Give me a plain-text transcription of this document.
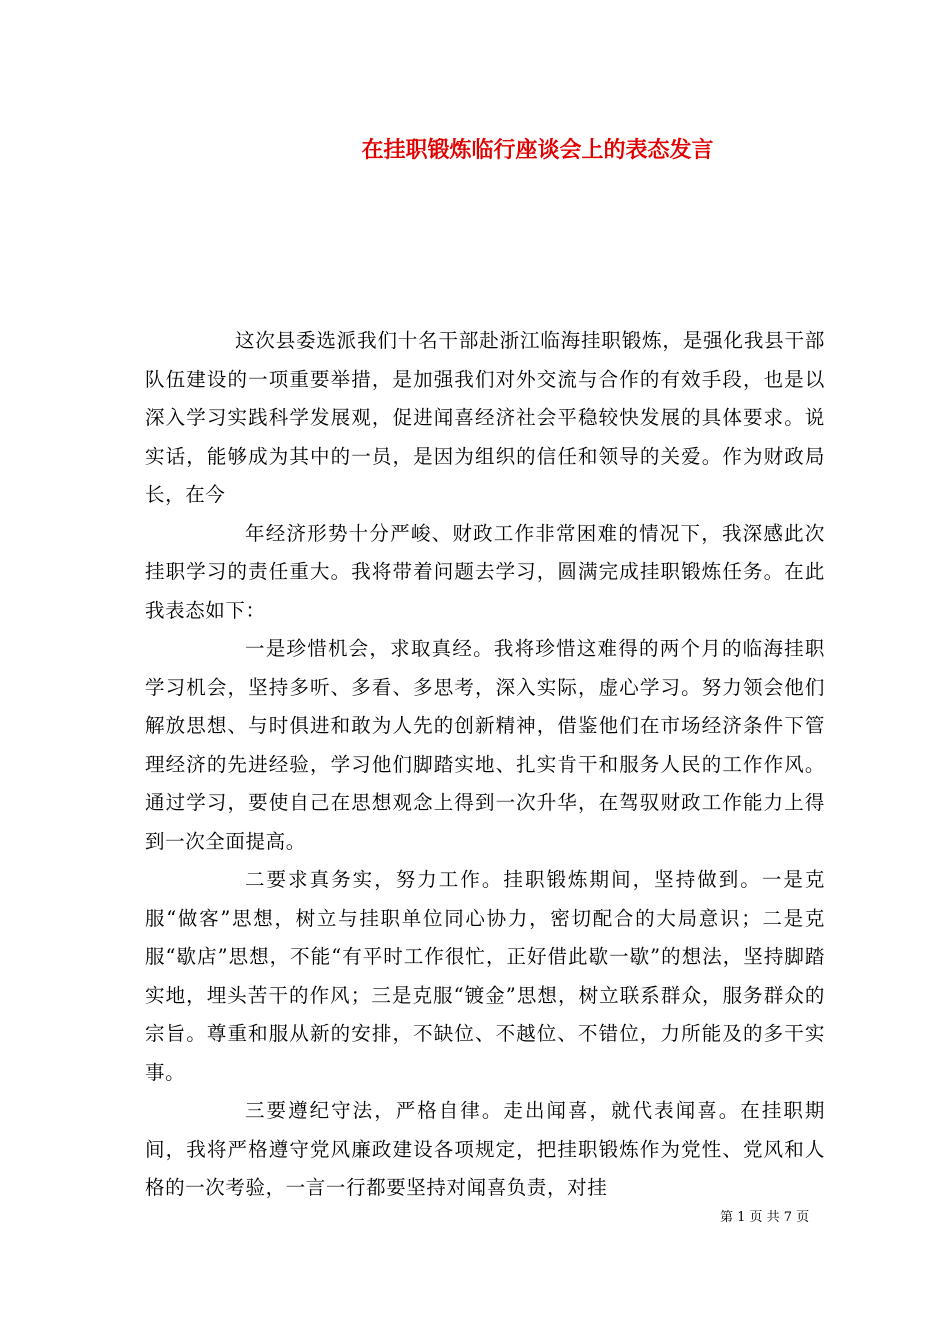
在挂职锻炼临行座谈会上的表态发言

这次县委选派我们十名干部赴浙江临海挂职锻炼，是强化我县干部队伍建设的一项重要举措，是加强我们对外交流与合作的有效手段，也是以深入学习实践科学发展观，促进闻喜经济社会平稳较快发展的具体要求。说实话，能够成为其中的一员，是因为组织的信任和领导的关爱。作为财政局长，在今

年经济形势十分严峻、财政工作非常困难的情况下，我深感此次挂职学习的责任重大。我将带着问题去学习，圆满完成挂职锻炼任务。在此我表态如下：

一是珍惜机会，求取真经。我将珍惜这难得的两个月的临海挂职学习机会，坚持多听、多看、多思考，深入实际，虚心学习。努力领会他们解放思想、与时俱进和敢为人先的创新精神，借鉴他们在市场经济条件下管理经济的先进经验，学习他们脚踏实地、扎实肯干和服务人民的工作作风。通过学习，要使自己在思想观念上得到一次升华，在驾驭财政工作能力上得到一次全面提高。

二要求真务实，努力工作。挂职锻炼期间，坚持做到。一是克服“做客”思想，树立与挂职单位同心协力，密切配合的大局意识；二是克服“歇店”思想，不能“有平时工作很忙，正好借此歇一歇”的想法，坚持脚踏实地，埋头苦干的作风；三是克服“镀金”思想，树立联系群众，服务群众的宗旨。尊重和服从新的安排，不缺位、不越位、不错位，力所能及的多干实事。

三要遵纪守法，严格自律。走出闻喜，就代表闻喜。在挂职期间，我将严格遵守党风廉政建设各项规定，把挂职锻炼作为党性、党风和人格的一次考验，一言一行都要坚持对闻喜负责，对挂

第 1 页 共 7 页
